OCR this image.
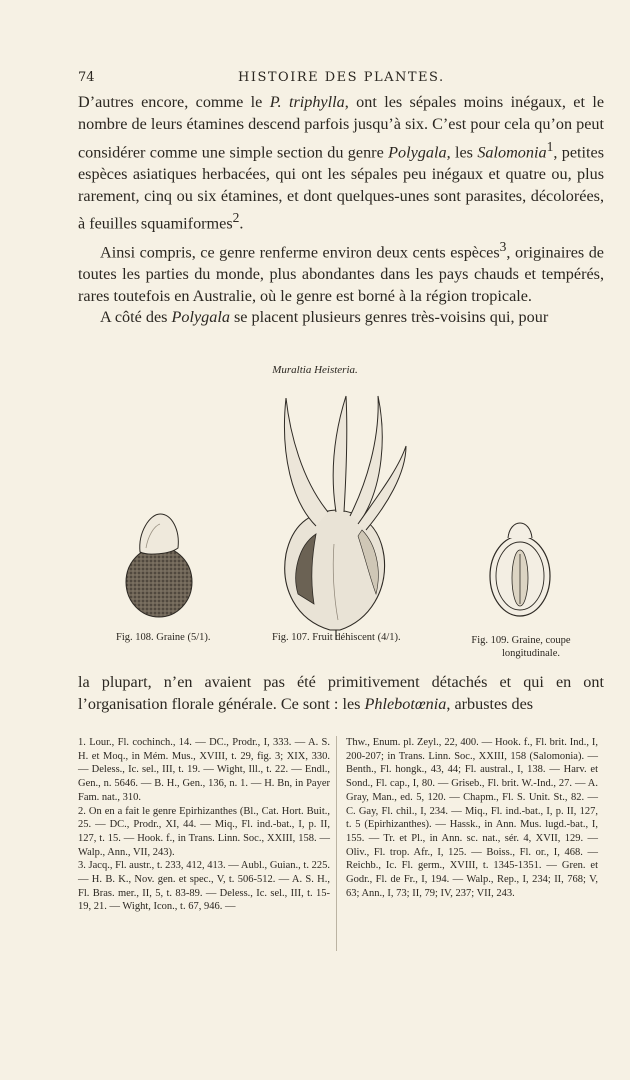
74	HISTOIRE DES PLANTES.

D’autres encore, comme le P. triphylla, ont les sépales moins inégaux, et le nombre de leurs étamines descend parfois jusqu’à six. C’est pour cela qu’on peut considérer comme une simple section du genre Polygala, les Salomonia$^1$, petites espèces asiatiques herbacées, qui ont les sépales peu inégaux et quatre ou, plus rarement, cinq ou six étamines, et dont quelques-unes sont parasites, décolorées, à feuilles squamiformes$^2$.

Ainsi compris, ce genre renferme environ deux cents espèces$^3$, originaires de toutes les parties du monde, plus abondantes dans les pays chauds et tempérés, rares toutefois en Australie, où le genre est borné à la région tropicale.

A côté des Polygala se placent plusieurs genres très-voisins qui, pour

Muraltia Heisteria.
Fig. 108. Graine (5/1).	Fig. 107. Fruit déhiscent (4/1).	Fig. 109. Graine, coupe
longitudinale.

la plupart, n’en avaient pas été primitivement détachés et qui en ont l’organisation florale générale. Ce sont : les Phlebotœnia, arbustes des

1. Lour., Fl. cochinch., 14. — DC., Prodr., I, 333. — A. S. H. et Moq., in Mém. Mus., XVIII, t. 29, fig. 3; XIX, 330. — Deless., Ic. sel., III, t. 19. — Wight, Ill., t. 22. — Endl., Gen., n. 5646. — B. H., Gen., 136, n. 1. — H. Bn, in Payer Fam. nat., 310.

2. On en a fait le genre Epirhizanthes (Bl., Cat. Hort. Buit., 25. — DC., Prodr., XI, 44. — Miq., Fl. ind.-bat., I, p. II, 127, t. 15. — Hook. f., in Trans. Linn. Soc., XXIII, 158. — Walp., Ann., VII, 243).

3. Jacq., Fl. austr., t. 233, 412, 413. — Aubl., Guian., t. 225. — H. B. K., Nov. gen. et spec., V, t. 506-512. — A. S. H., Fl. Bras. mer., II, 5, t. 83-89. — Deless., Ic. sel., III, t. 15-19, 21. — Wight, Icon., t. 67, 946. —

Thw., Enum. pl. Zeyl., 22, 400. — Hook. f., Fl. brit. Ind., I, 200-207; in Trans. Linn. Soc., XXIII, 158 (Salomonia). — Benth., Fl. hongk., 43, 44; Fl. austral., I, 138. — Harv. et Sond., Fl. cap., I, 80. — Griseb., Fl. brit. W.-Ind., 27. — A. Gray, Man., ed. 5, 120. — Chapm., Fl. S. Unit. St., 82. — C. Gay, Fl. chil., I, 234. — Miq., Fl. ind.-bat., I, p. II, 127, t. 5 (Epirhizanthes). — Hassk., in Ann. Mus. lugd.-bat., I, 155. — Tr. et Pl., in Ann. sc. nat., sér. 4, XVII, 129. — Oliv., Fl. trop. Afr., I, 125. — Boiss., Fl. or., I, 468. — Reichb., Ic. Fl. germ., XVIII, t. 1345-1351. — Gren. et Godr., Fl. de Fr., I, 194. — Walp., Rep., I, 234; II, 768; V, 63; Ann., I, 73; II, 79; IV, 237; VII, 243.
